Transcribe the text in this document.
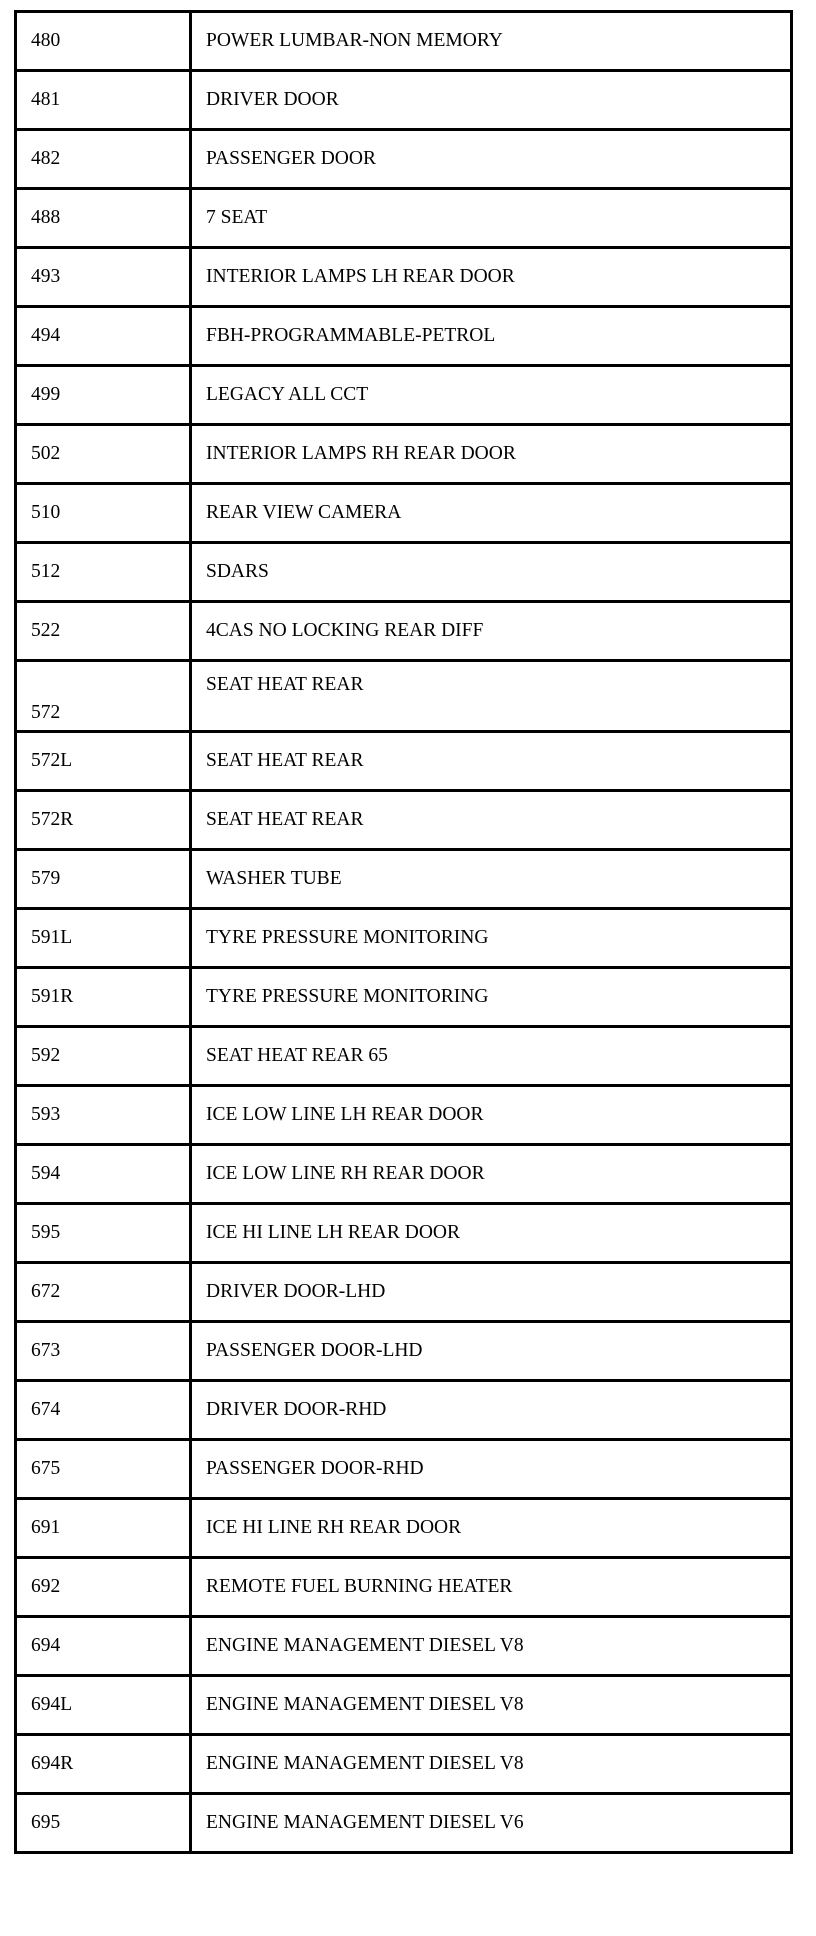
480	POWER LUMBAR-NON MEMORY
481	DRIVER DOOR
482	PASSENGER DOOR
488	7 SEAT
493	INTERIOR LAMPS LH REAR DOOR
494	FBH-PROGRAMMABLE-PETROL
499	LEGACY ALL CCT
502	INTERIOR LAMPS RH REAR DOOR
510	REAR VIEW CAMERA
512	SDARS
522	4CAS NO LOCKING REAR DIFF
572	SEAT HEAT REAR
572L	SEAT HEAT REAR
572R	SEAT HEAT REAR
579	WASHER TUBE
591L	TYRE PRESSURE MONITORING
591R	TYRE PRESSURE MONITORING
592	SEAT HEAT REAR 65
593	ICE LOW LINE LH REAR DOOR
594	ICE LOW LINE RH REAR DOOR
595	ICE HI LINE LH REAR DOOR
672	DRIVER DOOR-LHD
673	PASSENGER DOOR-LHD
674	DRIVER DOOR-RHD
675	PASSENGER DOOR-RHD
691	ICE HI LINE RH REAR DOOR
692	REMOTE FUEL BURNING HEATER
694	ENGINE MANAGEMENT DIESEL V8
694L	ENGINE MANAGEMENT DIESEL V8
694R	ENGINE MANAGEMENT DIESEL V8
695	ENGINE MANAGEMENT DIESEL V6
